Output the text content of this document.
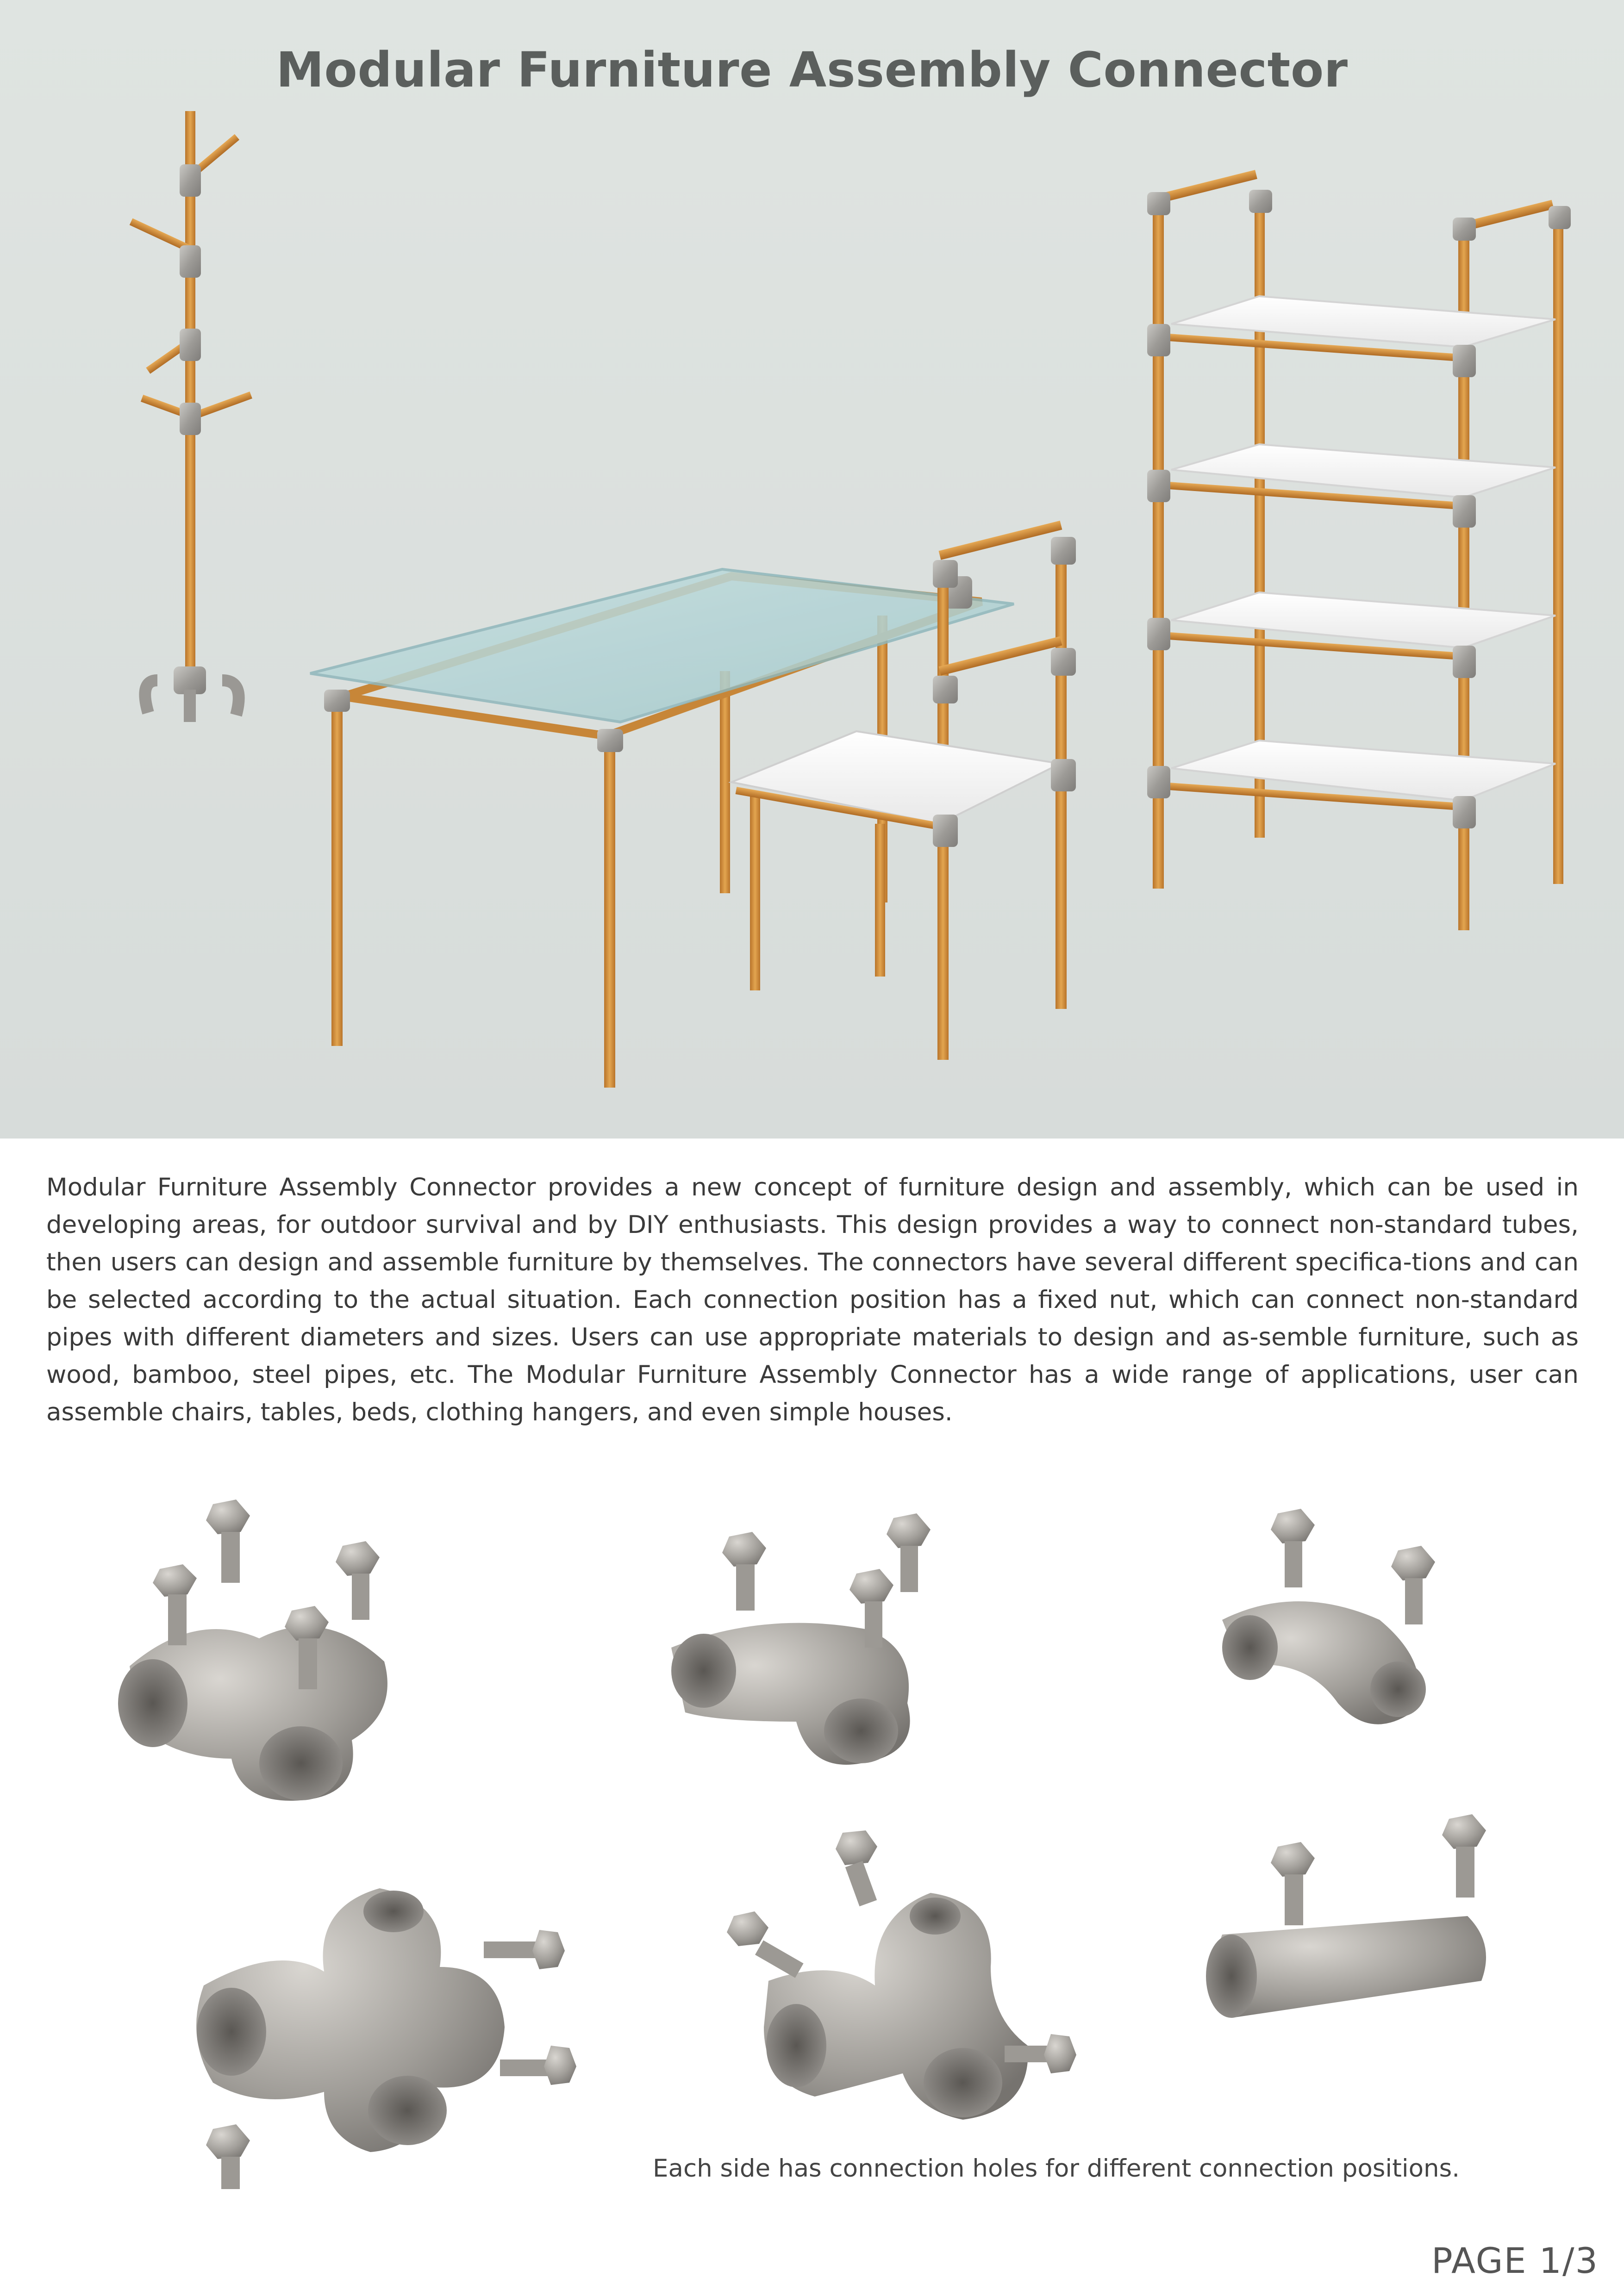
Modular Furniture Assembly Connector
Modular Furniture Assembly Connector provides a new concept of furniture design and assembly, which can be used in developing areas, for outdoor survival and by DIY enthusiasts. This design provides a way to connect non-standard tubes, then users can design and assemble furniture by themselves. The connectors have several different specifica-tions and can be selected according to the actual situation. Each connection position has a fixed nut, which can connect non-standard pipes with different diameters and sizes. Users can use appropriate materials to design and as-semble furniture, such as wood, bamboo, steel pipes, etc. The Modular Furniture Assembly Connector has a wide range of applications, user can assemble chairs, tables, beds, clothing hangers, and even simple houses.
Each side has connection holes for different connection positions.
PAGE 1/3
